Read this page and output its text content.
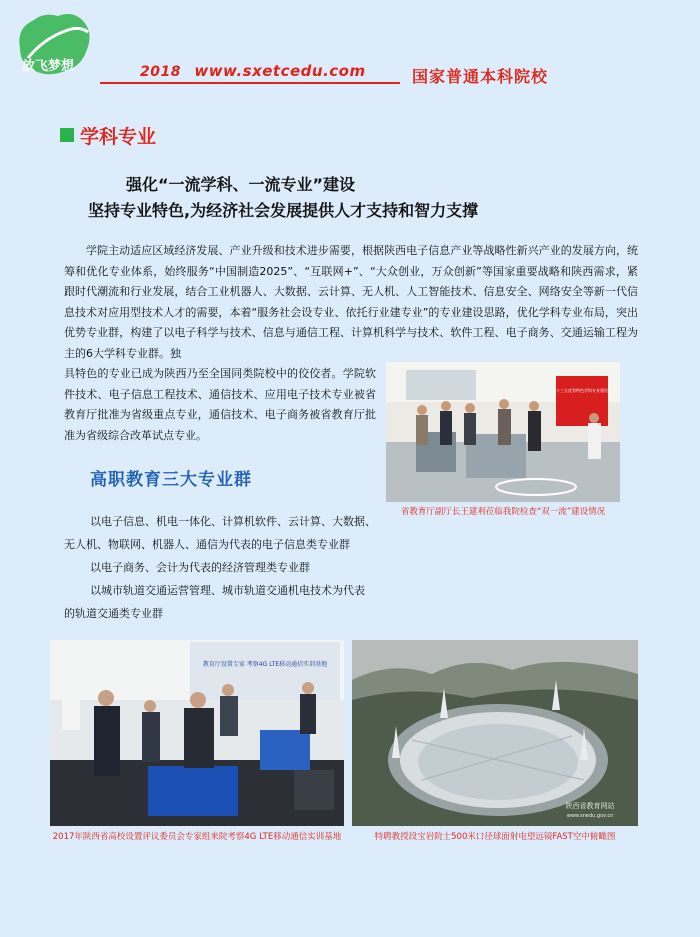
放飞梦想	2018 www.sxetcedu.com	国家普通本科院校
学科专业
强化“一流学科、一流专业”建设
坚持专业特色,为经济社会发展提供人才支持和智力支撑

学院主动适应区域经济发展、产业升级和技术进步需要，根据陕西电子信息产业等战略性新兴产业的发展方向，统筹和优化专业体系，始终服务“中国制造2025”、“互联网+”、“大众创业，万众创新”等国家重要战略和陕西需求，紧跟时代潮流和行业发展，结合工业机器人、大数据、云计算、无人机、人工智能技术、信息安全、网络安全等新一代信息技术对应用型技术人才的需要，本着“服务社会设专业、依托行业建专业”的专业建设思路，优化学科专业布局，突出优势专业群，构建了以电子科学与技术、信息与通信工程、计算机科学与技术、软件工程、电子商务、交通运输工程为主的6大学科专业群。独

具特色的专业已成为陕西乃至全国同类院校中的佼佼者。学院软件技术、电子信息工程技术、通信技术、应用电子技术专业被省教育厅批准为省级重点专业，通信技术、电子商务被省教育厅批准为省级综合改革试点专业。

十三五优势特色学科专业建设
省教育厅副厅长王建利莅临我院检查“双一流”建设情况
高职教育三大专业群
以电子信息、机电一体化、计算机软件、云计算、大数据、
无人机、物联网、机器人、通信为代表的电子信息类专业群
以电子商务、会计为代表的经济管理类专业群
以城市轨道交通运营管理、城市轨道交通机电技术为代表
的轨道交通类专业群
教育厅设置专家 考察4G LTE移动通信实训基地
2017年陕西省高校设置评议委员会专家组来院考察4G LTE移动通信实训基地
陕西省教育网站
www.snedu.gov.cn
特聘教授段宝岩院士500米口径球面射电望远镜FAST空中俯瞰图
